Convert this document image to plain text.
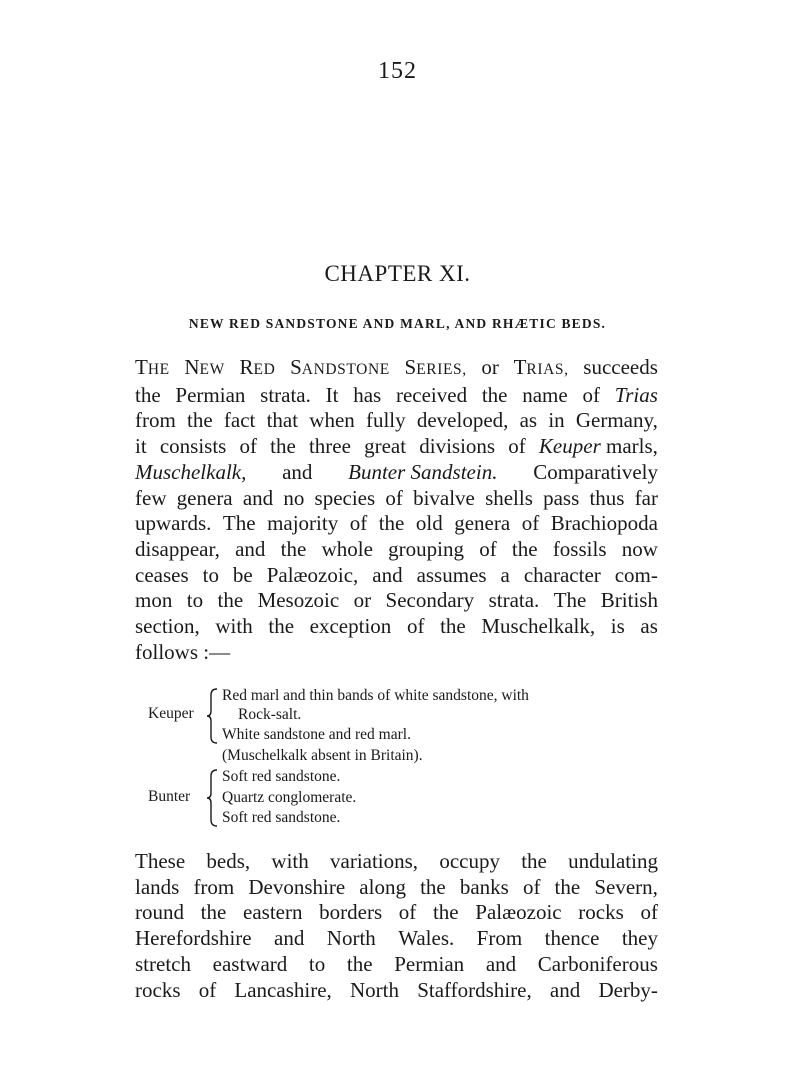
152
CHAPTER XI.
NEW RED SANDSTONE AND MARL, AND RHÆTIC BEDS.
THE NEW RED SANDSTONE SERIES, or TRIAS, succeeds
the Permian strata. It has received the name of Trias
from the fact that when fully developed, as in Germany,
it consists of the three great divisions of Keuper marls,
Muschelkalk, and Bunter Sandstein. Comparatively
few genera and no species of bivalve shells pass thus far
upwards. The majority of the old genera of Brachiopoda
disappear, and the whole grouping of the fossils now
ceases to be Palæozoic, and assumes a character com-
mon to the Mesozoic or Secondary strata. The British
section, with the exception of the Muschelkalk, is as
follows :—
Keuper
Red marl and thin bands of white sandstone, with
Rock-salt.
White sandstone and red marl.
(Muschelkalk absent in Britain).
Bunter
Soft red sandstone.
Quartz conglomerate.
Soft red sandstone.
These beds, with variations, occupy the undulating
lands from Devonshire along the banks of the Severn,
round the eastern borders of the Palæozoic rocks of
Herefordshire and North Wales. From thence they
stretch eastward to the Permian and Carboniferous
rocks of Lancashire, North Staffordshire, and Derby-
